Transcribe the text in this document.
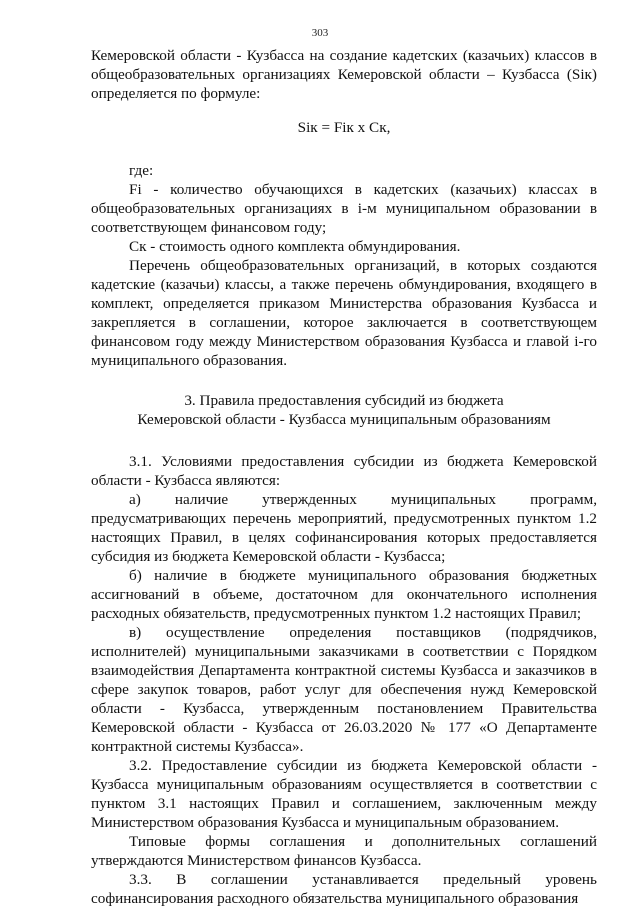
303

Кемеровской области - Кузбасса на создание кадетских (казачьих) классов в общеобразовательных организациях Кемеровской области – Кузбасса (Sік) определяется по формуле:

Sік = Fік х Ск,

где:

Fі - количество обучающихся в кадетских (казачьих) классах в общеобразовательных организациях в і-м муниципальном образовании в соответствующем финансовом году;

Ск - стоимость одного комплекта обмундирования.

Перечень общеобразовательных организаций, в которых создаются кадетские (казачьи) классы, а также перечень обмундирования, входящего в комплект, определяется приказом Министерства образования Кузбасса и закрепляется в соглашении, которое заключается в соответствующем финансовом году между Министерством образования Кузбасса и главой і-го муниципального образования.

3. Правила предоставления субсидий из бюджета

Кемеровской области - Кузбасса муниципальным образованиям

3.1. Условиями предоставления субсидии из бюджета Кемеровской области - Кузбасса являются:

а) наличие утвержденных муниципальных программ, предусматривающих перечень мероприятий, предусмотренных пунктом 1.2 настоящих Правил, в целях софинансирования которых предоставляется субсидия из бюджета Кемеровской области - Кузбасса;

б) наличие в бюджете муниципального образования бюджетных ассигнований в объеме, достаточном для окончательного исполнения расходных обязательств, предусмотренных пунктом 1.2 настоящих Правил;

в) осуществление определения поставщиков (подрядчиков, исполнителей) муниципальными заказчиками в соответствии с Порядком взаимодействия Департамента контрактной системы Кузбасса и заказчиков в сфере закупок товаров, работ услуг для обеспечения нужд Кемеровской области - Кузбасса, утвержденным постановлением Правительства Кемеровской области - Кузбасса от 26.03.2020 № 177 «О Департаменте контрактной системы Кузбасса».

3.2. Предоставление субсидии из бюджета Кемеровской области - Кузбасса муниципальным образованиям осуществляется в соответствии с пунктом 3.1 настоящих Правил и соглашением, заключенным между Министерством образования Кузбасса и муниципальным образованием.

Типовые формы соглашения и дополнительных соглашений утверждаются Министерством финансов Кузбасса.

3.3. В соглашении устанавливается предельный уровень софинансирования расходного обязательства муниципального образования
